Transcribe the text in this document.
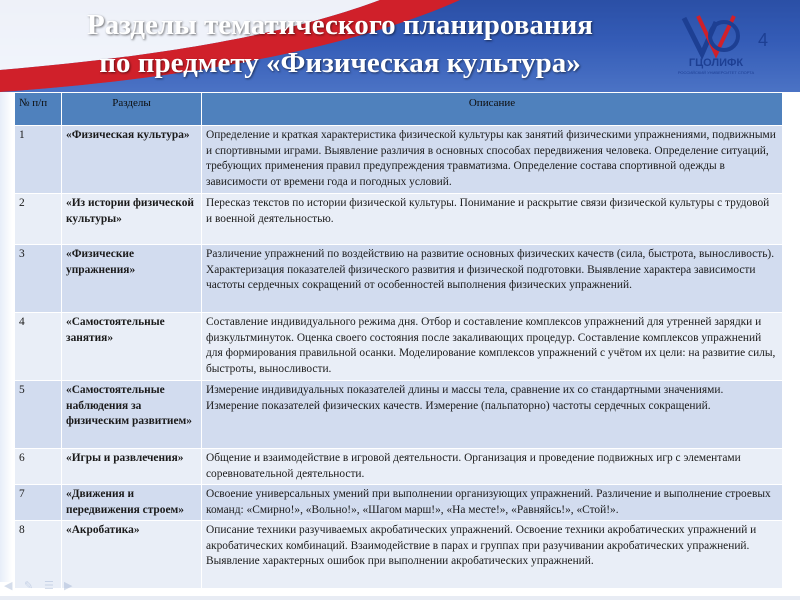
Разделы тематического планирования
по предмету «Физическая культура»	ГЦОЛИФК
РОССИЙСКИЙ УНИВЕРСИТЕТ СПОРТА
4
№ п/п	Разделы	Описание
1	«Физическая культура»	Определение и краткая характеристика физической культуры как занятий физическими упражнениями, подвижными и спортивными играми. Выявление различия в основных способах передвижения человека. Определение ситуаций, требующих применения правил предупреждения травматизма. Определение состава спортивной одежды в зависимости от времени года и погодных условий.
2	«Из истории физической культуры»	Пересказ текстов по истории физической культуры. Понимание и раскрытие связи физической культуры с трудовой и военной деятельностью.
3	«Физические упражнения»	Различение упражнений по воздействию на развитие основных физических качеств (сила, быстрота, выносливость). Характеризация показателей физического развития и физической подготовки. Выявление характера зависимости частоты сердечных сокращений от особенностей выполнения физических упражнений.
4	«Самостоятельные занятия»	Составление индивидуального режима дня. Отбор и составление комплексов упражнений для утренней зарядки и физкультминуток. Оценка своего состояния после закаливающих процедур. Составление комплексов упражнений для формирования правильной осанки. Моделирование комплексов упражнений с учётом их цели: на развитие силы, быстроты, выносливости.
5	«Самостоятельные наблюдения за физическим развитием»	Измерение индивидуальных показателей длины и массы тела, сравнение их со стандартными значениями. Измерение показателей физических качеств. Измерение (пальпаторно) частоты сердечных сокращений.
6	«Игры и развлечения»	Общение и взаимодействие в игровой деятельности. Организация и проведение подвижных игр с элементами соревновательной деятельности.
7	«Движения и передвижения строем»	Освоение универсальных умений при выполнении организующих упражнений. Различение и выполнение строевых команд: «Смирно!», «Вольно!», «Шагом марш!», «На месте!», «Равняйсь!», «Стой!».
8	«Акробатика»	Описание техники разучиваемых акробатических упражнений. Освоение техники акробатических упражнений и акробатических комбинаций. Взаимодействие в парах и группах при разучивании акробатических упражнений. Выявление характерных ошибок при выполнении акробатических упражнений.
◀	✎ ☰ ▶
